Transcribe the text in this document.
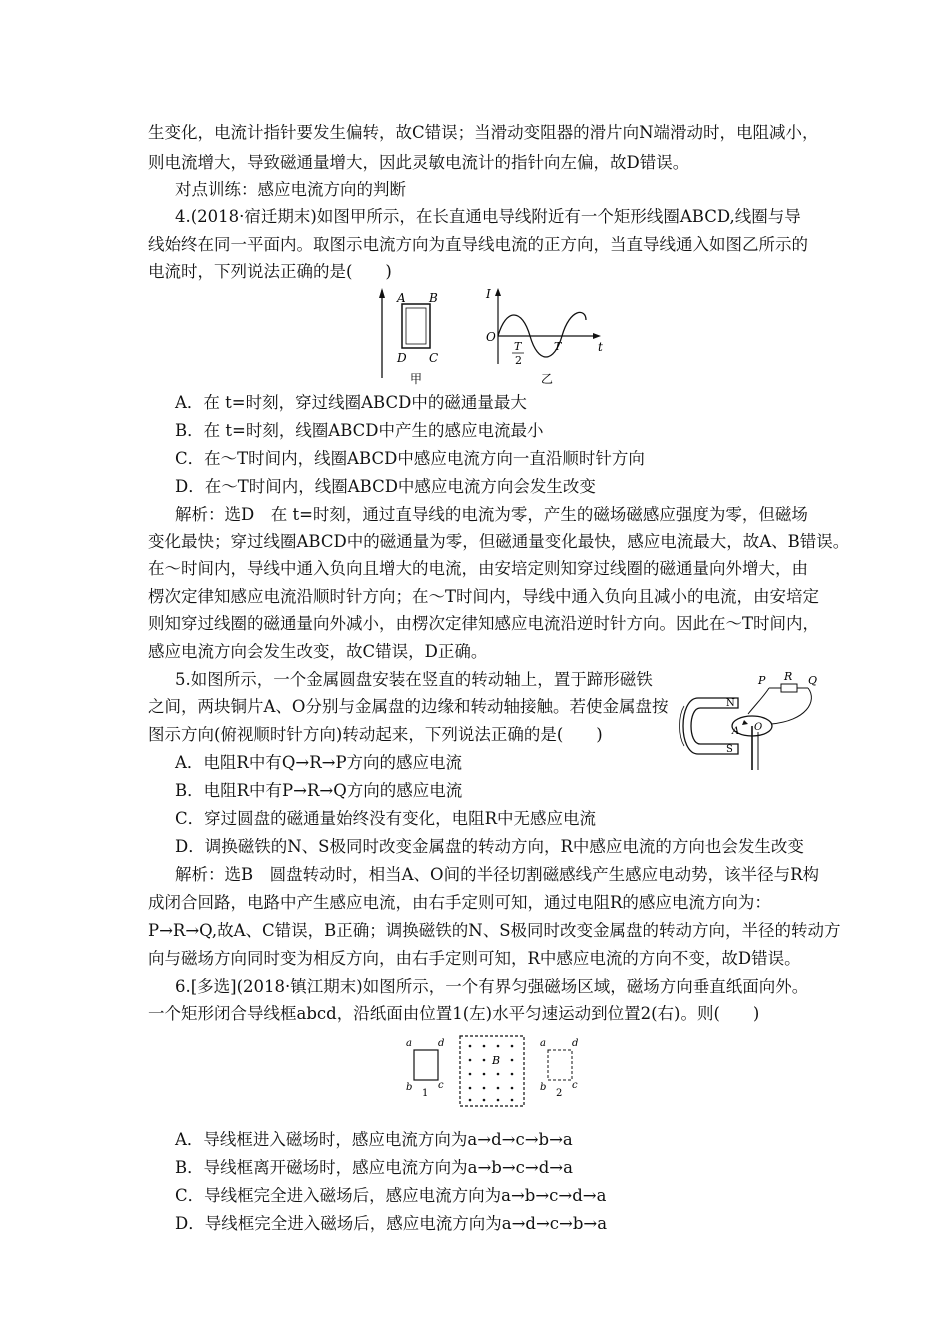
生变化，电流计指针要发生偏转，故C错误；当滑动变阻器的滑片向N端滑动时，电阻减小，
则电流增大，导致磁通量增大，因此灵敏电流计的指针向左偏，故D错误。
对点训练：感应电流方向的判断
4.(2018·宿迁期末)如图甲所示，在长直通电导线附近有一个矩形线圈ABCD,线圈与导
线始终在同一平面内。取图示电流方向为直导线电流的正方向，当直导线通入如图乙所示的
电流时，下列说法正确的是(　　)
A B
D C
甲
I
t
O
T
2
T
乙
A．在 t=时刻，穿过线圈ABCD中的磁通量最大
B．在 t=时刻，线圈ABCD中产生的感应电流最小
C．在～T时间内，线圈ABCD中感应电流方向一直沿顺时针方向
D．在～T时间内，线圈ABCD中感应电流方向会发生改变
解析：选D　在 t=时刻，通过直导线的电流为零，产生的磁场磁感应强度为零，但磁场
变化最快；穿过线圈ABCD中的磁通量为零，但磁通量变化最快，感应电流最大，故A、B错误。
在～时间内，导线中通入负向且增大的电流，由安培定则知穿过线圈的磁通量向外增大，由
楞次定律知感应电流沿顺时针方向；在～T时间内，导线中通入负向且减小的电流，由安培定
则知穿过线圈的磁通量向外减小，由楞次定律知感应电流沿逆时针方向。因此在～T时间内，
感应电流方向会发生改变，故C错误，D正确。
5.如图所示，一个金属圆盘安装在竖直的转动轴上，置于蹄形磁铁
之间，两块铜片A、O分别与金属盘的边缘和转动轴接触。若使金属盘按
图示方向(俯视顺时针方向)转动起来，下列说法正确的是(　　)
P R Q
N
S
O
A
A．电阻R中有Q→R→P方向的感应电流
B．电阻R中有P→R→Q方向的感应电流
C．穿过圆盘的磁通量始终没有变化，电阻R中无感应电流
D．调换磁铁的N、S极同时改变金属盘的转动方向，R中感应电流的方向也会发生改变
解析：选B　圆盘转动时，相当A、O间的半径切割磁感线产生感应电动势，该半径与R构
成闭合回路，电路中产生感应电流，由右手定则可知，通过电阻R的感应电流方向为：
P→R→Q,故A、C错误，B正确；调换磁铁的N、S极同时改变金属盘的转动方向，半径的转动方
向与磁场方向同时变为相反方向，由右手定则可知，R中感应电流的方向不变，故D错误。
6.[多选](2018·镇江期末)如图所示，一个有界匀强磁场区域，磁场方向垂直纸面向外。
一个矩形闭合导线框abcd，沿纸面由位置1(左)水平匀速运动到位置2(右)。则(　　)
a	d
b	c
1
B
a	d
b	c
2
A．导线框进入磁场时，感应电流方向为a→d→c→b→a
B．导线框离开磁场时，感应电流方向为a→b→c→d→a
C．导线框完全进入磁场后，感应电流方向为a→b→c→d→a
D．导线框完全进入磁场后，感应电流方向为a→d→c→b→a
